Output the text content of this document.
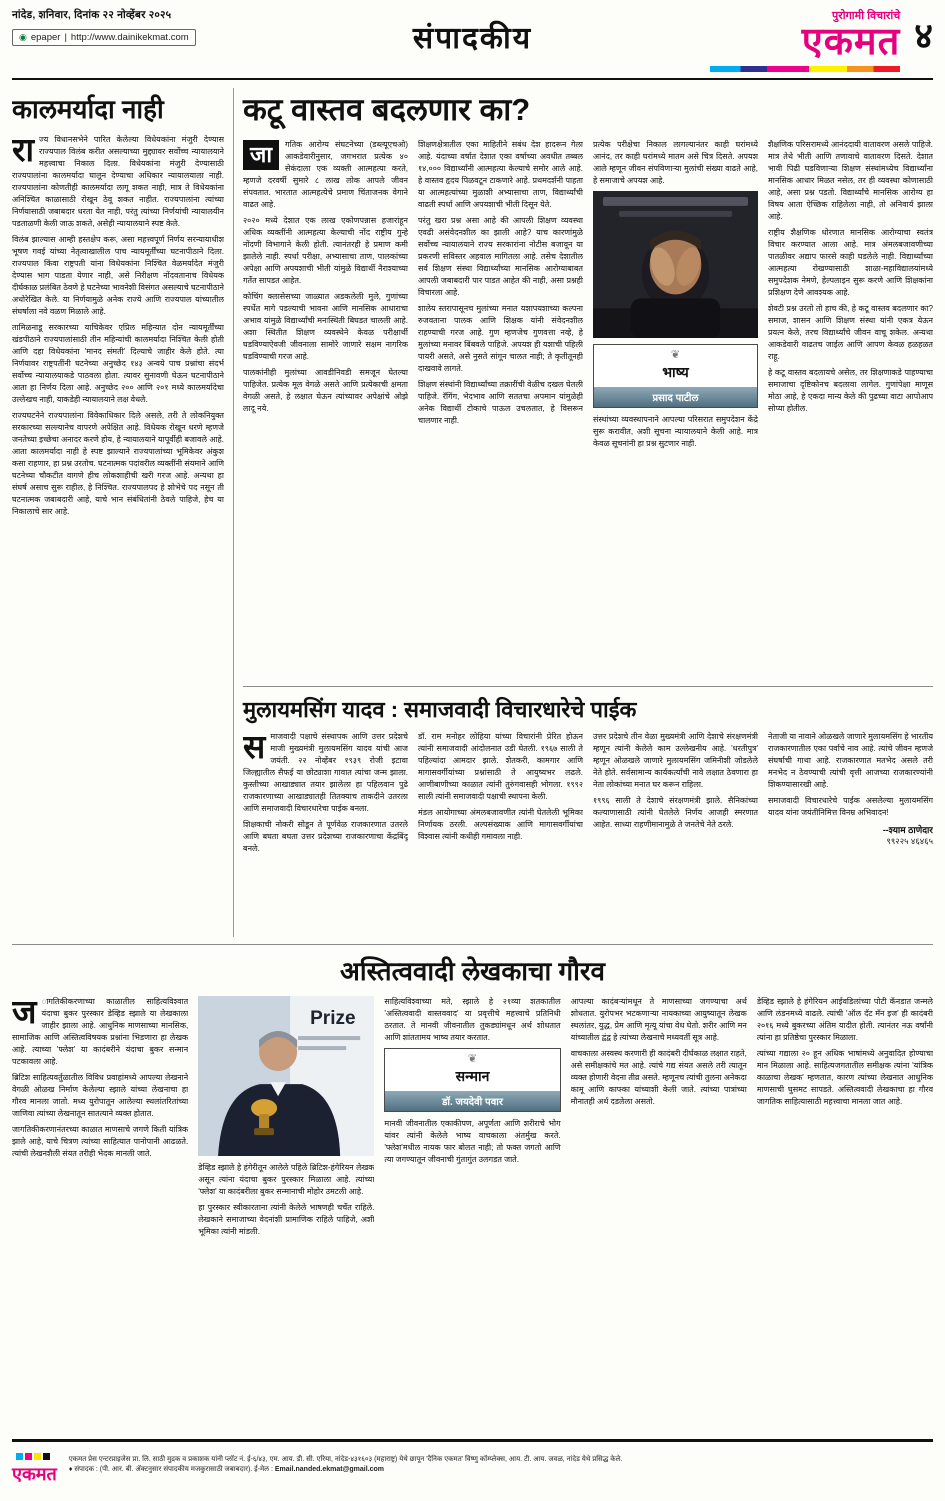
नांदेड, शनिवार, दिनांक २२ नोव्हेंबर २०२५
◉ epaper | http://www.dainikekmat.com	संपादकीय
पुरोगामी विचारांचे
एकमत ४
कालमर्यादा नाही

राज्य विधानसभेने पारित केलेल्या विधेयकांना मंजुरी देण्यास राज्यपाल विलंब करीत असल्याच्या मुद्द्यावर सर्वोच्च न्यायालयाने महत्त्वाचा निकाल दिला. विधेयकांना मंजुरी देण्यासाठी राज्यपालांना कालमर्यादा घालून देण्याचा अधिकार न्यायालयाला नाही. राज्यपालांना कोणतीही कालमर्यादा लागू शकत नाही, मात्र ते विधेयकांना अनिश्चित काळासाठी रोखून ठेवू शकत नाहीत. राज्यपालांना त्यांच्या निर्णयासाठी जबाबदार धरता येत नाही, परंतु त्यांच्या निर्णयांची न्यायालयीन पडताळणी केली जाऊ शकते, असेही न्यायालयाने स्पष्ट केले.

विलंब झाल्यास आम्ही हस्तक्षेप करू, असा महत्त्वपूर्ण निर्णय सरन्यायाधीश भूषण गवई यांच्या नेतृत्वाखालील पाच न्यायमूर्तींच्या घटनापीठाने दिला. राज्यपाल किंवा राष्ट्रपती यांना विधेयकांना निश्चित वेळमर्यादेत मंजुरी देण्यास भाग पाडता येणार नाही, असे निरीक्षण नोंदवतानाच विधेयक दीर्घकाळ प्रलंबित ठेवणे हे घटनेच्या भावनेशी विसंगत असल्याचे घटनापीठाने अधोरेखित केले. या निर्णयामुळे अनेक राज्ये आणि राज्यपाल यांच्यातील संघर्षाला नवे वळण मिळाले आहे.

तामिळनाडू सरकारच्या याचिकेवर एप्रिल महिन्यात दोन न्यायमूर्तींच्या खंडपीठाने राज्यपालांसाठी तीन महिन्यांची कालमर्यादा निश्चित केली होती आणि दहा विधेयकांना 'मानद संमती' दिल्याचे जाहीर केले होते. त्या निर्णयावर राष्ट्रपतींनी घटनेच्या अनुच्छेद १४३ अन्वये पाच प्रश्नांचा संदर्भ सर्वोच्च न्यायालयाकडे पाठवला होता. त्यावर सुनावणी घेऊन घटनापीठाने आता हा निर्णय दिला आहे. अनुच्छेद २०० आणि २०१ मध्ये कालमर्यादेचा उल्लेखच नाही, याकडेही न्यायालयाने लक्ष वेधले.

राज्यघटनेने राज्यपालांना विवेकाधिकार दिले असले, तरी ते लोकनियुक्त सरकारच्या सल्ल्यानेच वापरणे अपेक्षित आहे. विधेयक रोखून धरणे म्हणजे जनतेच्या इच्छेचा अनादर करणे होय, हे न्यायालयाने यापूर्वीही बजावले आहे. आता कालमर्यादा नाही हे स्पष्ट झाल्याने राज्यपालांच्या भूमिकेवर अंकुश कसा राहणार, हा प्रश्न उरतोच. घटनात्मक पदांवरील व्यक्तींनी संयमाने आणि घटनेच्या चौकटीत वागणे हीच लोकशाहीची खरी गरज आहे. अन्यथा हा संघर्ष असाच सुरू राहील, हे निश्चित. राज्यपालपद हे शोभेचे पद नसून ती घटनात्मक जबाबदारी आहे, याचे भान संबंधितांनी ठेवले पाहिजे, हेच या निकालाचे सार आहे.

कटू वास्तव बदलणार का?

जा	गतिक आरोग्य संघटनेच्या (डब्ल्यूएचओ) आकडेवारीनुसार, जगभरात प्रत्येक ४० सेकंदाला एक व्यक्ती आत्महत्या करते, म्हणजे दरवर्षी सुमारे ८ लाख लोक आपले जीवन संपवतात. भारतात आत्महत्येचे प्रमाण चिंताजनक वेगाने वाढत आहे.

२०२० मध्ये देशात एक लाख एकोणपन्नास हजारांहून अधिक व्यक्तींनी आत्महत्या केल्याची नोंद राष्ट्रीय गुन्हे नोंदणी विभागाने केली होती. त्यानंतरही हे प्रमाण कमी झालेले नाही. स्पर्धा परीक्षा, अभ्यासाचा ताण, पालकांच्या अपेक्षा आणि अपयशाची भीती यांमुळे विद्यार्थी नैराश्याच्या गर्तेत सापडत आहेत.

कोचिंग क्लासेसच्या जाळ्यात अडकलेली मुले, गुणांच्या स्पर्धेत मागे पडल्याची भावना आणि मानसिक आधाराचा अभाव यांमुळे विद्यार्थ्यांची मनःस्थिती बिघडत चालली आहे. अशा स्थितीत शिक्षण व्यवस्थेने केवळ परीक्षार्थी घडविण्याऐवजी जीवनाला सामोरे जाणारे सक्षम नागरिक घडविण्याची गरज आहे.

पालकांनीही मुलांच्या आवडीनिवडी समजून घेतल्या पाहिजेत. प्रत्येक मूल वेगळे असते आणि प्रत्येकाची क्षमता वेगळी असते, हे लक्षात घेऊन त्यांच्यावर अपेक्षांचे ओझे लादू नये.

शिक्षणक्षेत्रातील एका माहितीने सबंध देश हादरून गेला आहे. यंदाच्या वर्षात देशात एका वर्षाच्या अवधीत तब्बल १४,००० विद्यार्थ्यांनी आत्महत्या केल्याचे समोर आले आहे. हे वास्तव हृदय पिळवटून टाकणारे आहे. प्रथमदर्शनी पाहता या आत्महत्यांच्या मुळाशी अभ्यासाचा ताण, विद्यार्थ्यांची वाढती स्पर्धा आणि अपयशाची भीती दिसून येते.

परंतु खरा प्रश्न असा आहे की आपली शिक्षण व्यवस्था एवढी असंवेदनशील का झाली आहे? याच कारणांमुळे सर्वोच्च न्यायालयाने राज्य सरकारांना नोटीस बजावून या प्रकरणी सविस्तर अहवाल मागितला आहे. तसेच देशातील सर्व शिक्षण संस्था विद्यार्थ्यांच्या मानसिक आरोग्याबाबत आपली जबाबदारी पार पाडत आहेत की नाही, असा प्रश्नही विचारला आहे.

शालेय स्तरापासूनच मुलांच्या मनात यशापयशाच्या कल्पना रुजवताना पालक आणि शिक्षक यांनी संवेदनशील राहण्याची गरज आहे. गुण म्हणजेच गुणवत्ता नव्हे, हे मुलांच्या मनावर बिंबवले पाहिजे. अपयश ही यशाची पहिली पायरी असते, असे नुसते सांगून चालत नाही; ते कृतीतूनही दाखवावे लागते.

शिक्षण संस्थांनी विद्यार्थ्यांच्या तक्रारींची वेळीच दखल घेतली पाहिजे. रॅगिंग, भेदभाव आणि सततचा अपमान यांमुळेही अनेक विद्यार्थी टोकाचे पाऊल उचलतात, हे विसरून चालणार नाही.

प्रत्येक परीक्षेचा निकाल लागल्यानंतर काही घरांमध्ये आनंद, तर काही घरांमध्ये मातम असे चित्र दिसते. अपयश आले म्हणून जीवन संपविणाऱ्या मुलांची संख्या वाढते आहे, हे समाजाचे अपयश आहे.

❦
भाष्य
प्रसाद पाटील

संस्थांच्या व्यवस्थापनाने आपल्या परिसरात समुपदेशन केंद्रे सुरू करावीत, अशी सूचना न्यायालयाने केली आहे. मात्र केवळ सूचनांनी हा प्रश्न सुटणार नाही.

शैक्षणिक परिसरामध्ये आनंददायी वातावरण असले पाहिजे. मात्र तेथे भीती आणि तणावाचे वातावरण दिसते. देशात भावी पिढी घडविणाऱ्या शिक्षण संस्थांमध्येच विद्यार्थ्यांना मानसिक आधार मिळत नसेल, तर ही व्यवस्था कोणासाठी आहे, असा प्रश्न पडतो. विद्यार्थ्यांचे मानसिक आरोग्य हा विषय आता ऐच्छिक राहिलेला नाही, तो अनिवार्य झाला आहे.

राष्ट्रीय शैक्षणिक धोरणात मानसिक आरोग्याचा स्वतंत्र विचार करण्यात आला आहे. मात्र अंमलबजावणीच्या पातळीवर अद्याप फारसे काही घडलेले नाही. विद्यार्थ्यांच्या आत्महत्या रोखण्यासाठी शाळा-महाविद्यालयांमध्ये समुपदेशक नेमणे, हेल्पलाइन सुरू करणे आणि शिक्षकांना प्रशिक्षण देणे आवश्यक आहे.

शेवटी प्रश्न उरतो तो हाच की, हे कटू वास्तव बदलणार का? समाज, शासन आणि शिक्षण संस्था यांनी एकत्र येऊन प्रयत्न केले, तरच विद्यार्थ्यांचे जीवन वाचू शकेल. अन्यथा आकडेवारी वाढतच जाईल आणि आपण केवळ हळहळत राहू.

हे कटू वास्तव बदलायचे असेल, तर शिक्षणाकडे पाहण्याचा समाजाचा दृष्टिकोनच बदलावा लागेल. गुणांपेक्षा माणूस मोठा आहे, हे एकदा मान्य केले की पुढच्या वाटा आपोआप सोप्या होतील.

मुलायमसिंग यादव : समाजवादी विचारधारेचे पाईक

समाजवादी पक्षाचे संस्थापक आणि उत्तर प्रदेशचे माजी मुख्यमंत्री मुलायमसिंग यादव यांची आज जयंती. २२ नोव्हेंबर १९३९ रोजी इटावा जिल्ह्यातील सैफई या छोट्याशा गावात त्यांचा जन्म झाला. कुस्तीच्या आखाड्यात तयार झालेला हा पहिलवान पुढे राजकारणाच्या आखाड्यातही तितक्याच ताकदीने उतरला आणि समाजवादी विचारधारेचा पाईक बनला.

शिक्षकाची नोकरी सोडून ते पूर्णवेळ राजकारणात उतरले आणि बघता बघता उत्तर प्रदेशच्या राजकारणाचा केंद्रबिंदू बनले.

डॉ. राम मनोहर लोहिया यांच्या विचारांनी प्रेरित होऊन त्यांनी समाजवादी आंदोलनात उडी घेतली. १९६७ साली ते पहिल्यांदा आमदार झाले. शेतकरी, कामगार आणि मागासवर्गीयांच्या प्रश्नांसाठी ते आयुष्यभर लढले. आणीबाणीच्या काळात त्यांनी तुरुंगवासही भोगला. १९९२ साली त्यांनी समाजवादी पक्षाची स्थापना केली.

मंडल आयोगाच्या अंमलबजावणीत त्यांनी घेतलेली भूमिका निर्णायक ठरली. अल्पसंख्याक आणि मागासवर्गीयांचा विश्वास त्यांनी कधीही गमावला नाही.

उत्तर प्रदेशचे तीन वेळा मुख्यमंत्री आणि देशाचे संरक्षणमंत्री म्हणून त्यांनी केलेले काम उल्लेखनीय आहे. 'धरतीपुत्र' म्हणून ओळखले जाणारे मुलायमसिंग जमिनीशी जोडलेले नेते होते. सर्वसामान्य कार्यकर्त्यांची नावे लक्षात ठेवणारा हा नेता लोकांच्या मनात घर करून राहिला.

१९९६ साली ते देशाचे संरक्षणमंत्री झाले. सैनिकांच्या कल्याणासाठी त्यांनी घेतलेले निर्णय आजही स्मरणात आहेत. साध्या राहणीमानामुळे ते जनतेचे नेते ठरले.

नेताजी या नावाने ओळखले जाणारे मुलायमसिंग हे भारतीय राजकारणातील एका पर्वाचे नाव आहे. त्यांचे जीवन म्हणजे संघर्षाची गाथा आहे. राजकारणात मतभेद असले तरी मनभेद न ठेवण्याची त्यांची वृत्ती आजच्या राजकारण्यांनी शिकण्यासारखी आहे.

समाजवादी विचारधारेचे पाईक असलेल्या मुलायमसिंग यादव यांना जयंतीनिमित्त विनम्र अभिवादन!

--श्याम ठाणेदार
९९२२५ ४६४६५
अस्तित्ववादी लेखकाचा गौरव

ज ागतिकीकरणाच्या काळातील साहित्यविश्वात यंदाचा बुकर पुरस्कार डेव्हिड स्झाले या लेखकाला जाहीर झाला आहे. आधुनिक माणसाच्या मानसिक, सामाजिक आणि अस्तित्वविषयक प्रश्नांना भिडणारा हा लेखक आहे. त्याच्या 'फ्लेश' या कादंबरीने यंदाचा बुकर सन्मान पटकावला आहे.

ब्रिटिश साहित्यवर्तुळातील विविध प्रवाहांमध्ये आपल्या लेखनाने वेगळी ओळख निर्माण केलेल्या स्झाले यांच्या लेखनाचा हा गौरव मानला जातो. मध्य युरोपातून आलेल्या स्थलांतरितांच्या जाणिवा त्यांच्या लेखनातून सातत्याने व्यक्त होतात.

जागतिकीकरणानंतरच्या काळात माणसाचे जगणे किती यांत्रिक झाले आहे, याचे चित्रण त्यांच्या साहित्यात पानोपानी आढळते. त्यांची लेखनशैली संयत तरीही भेदक मानली जाते.

Prize

डेव्हिड स्झाले हे हंगेरीतून आलेले पहिले ब्रिटिश-हंगेरियन लेखक असून त्यांना यंदाचा बुकर पुरस्कार मिळाला आहे. त्यांच्या 'फ्लेश' या कादंबरीला बुकर सन्मानाची मोहोर उमटली आहे.

हा पुरस्कार स्वीकारताना त्यांनी केलेले भाषणही चर्चेत राहिले. लेखकाने समाजाच्या वेदनांशी प्रामाणिक राहिले पाहिजे, अशी भूमिका त्यांनी मांडली.

साहित्यविश्वाच्या मते, स्झाले हे २१व्या शतकातील 'अस्तित्ववादी वास्तववाद' या प्रवृत्तीचे महत्त्वाचे प्रतिनिधी ठरतात. ते मानवी जीवनातील तुकड्यांमधून अर्थ शोधतात आणि शांततामय भाष्य तयार करतात.

❦
सन्मान
डॉ. जयदेवी पवार

मानवी जीवनातील एकाकीपण, अपूर्णता आणि शरीराचे भोग यांवर त्यांनी केलेले भाष्य वाचकाला अंतर्मुख करते. 'फ्लेश'मधील नायक फार बोलत नाही; तो फक्त जगतो आणि त्या जगण्यातून जीवनाची गुंतागुंत उलगडत जाते.

आपल्या कादंबऱ्यांमधून ते माणसाच्या जगण्याचा अर्थ शोधतात. युरोपभर भटकणाऱ्या नायकाच्या आयुष्यातून लेखक स्थलांतर, युद्ध, प्रेम आणि मृत्यू यांचा वेध घेतो. शरीर आणि मन यांच्यातील द्वंद्व हे त्यांच्या लेखनाचे मध्यवर्ती सूत्र आहे.

वाचकाला अस्वस्थ करणारी ही कादंबरी दीर्घकाळ लक्षात राहते, असे समीक्षकांचे मत आहे. त्यांचे गद्य संयत असले तरी त्यातून व्यक्त होणारी वेदना तीव्र असते. म्हणूनच त्यांची तुलना अनेकदा कामू आणि काफ्का यांच्याशी केली जाते. त्यांच्या पात्रांच्या मौनातही अर्थ दडलेला असतो.

डेव्हिड स्झाले हे हंगेरियन आईवडिलांच्या पोटी कॅनडात जन्मले आणि लंडनमध्ये वाढले. त्यांची 'ऑल दॅट मॅन इज' ही कादंबरी २०१६ मध्ये बुकरच्या अंतिम यादीत होती. त्यानंतर नऊ वर्षांनी त्यांना हा प्रतिष्ठेचा पुरस्कार मिळाला.

त्यांच्या गद्याला २० हून अधिक भाषांमध्ये अनुवादित होण्याचा मान मिळाला आहे. साहित्यजगतातील समीक्षक त्यांना 'यांत्रिक काळाचा लेखक' म्हणतात, कारण त्यांच्या लेखनात आधुनिक माणसाची घुसमट सापडते. अस्तित्ववादी लेखकाचा हा गौरव जागतिक साहित्यासाठी महत्त्वाचा मानला जात आहे.

एकमत
एकमत प्रेस एन्टरप्राइजेस प्रा. लि. साठी मुद्रक व प्रकाशक यांनी प्लॉट नं. ई-६/४३, एम. आय. डी. सी. एरिया, नांदेड-४३१६०३ (महाराष्ट्र) येथे छापून 'दैनिक एकमत' विष्णु कॉम्प्लेक्स, आय. टी. आय. जवळ, नांदेड येथे प्रसिद्ध केले.
♦ संपादक : (पी. आर. बी. ॲक्टनुसार संपादकीय मजकुरासाठी जबाबदार). ई-मेल : Email.nanded.ekmat@gmail.com
